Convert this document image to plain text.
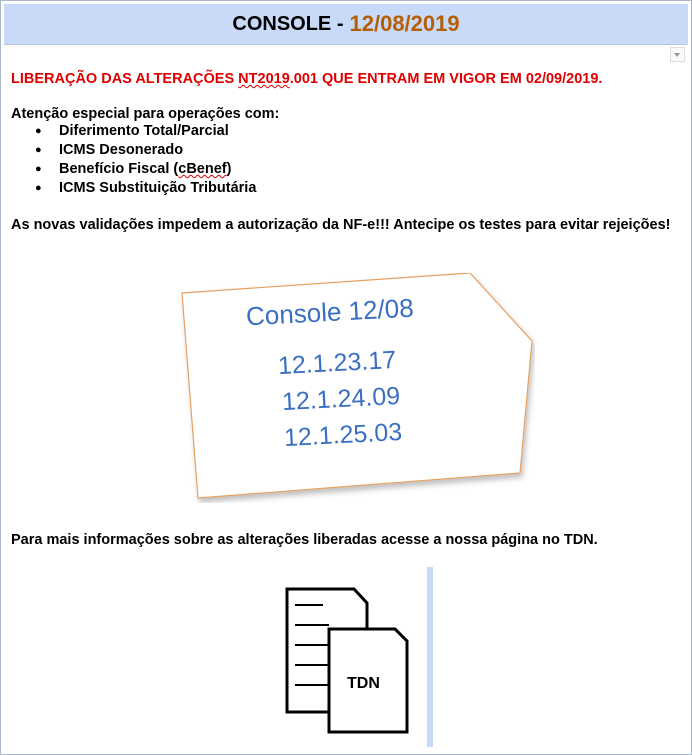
CONSOLE - 12/08/2019

LIBERAÇÃO DAS ALTERAÇÕES NT2019.001 QUE ENTRAM EM VIGOR EM 02/09/2019.

Atenção especial para operações com:

● Diferimento Total/Parcial
● ICMS Desonerado
● Benefício Fiscal (cBenef)
● ICMS Substituição Tributária

As novas validações impedem a autorização da NF-e!!! Antecipe os testes para evitar rejeições!

Console 12/08
12.1.23.17
12.1.24.09
12.1.25.03

Para mais informações sobre as alterações liberadas acesse a nossa página no TDN.

TDN
